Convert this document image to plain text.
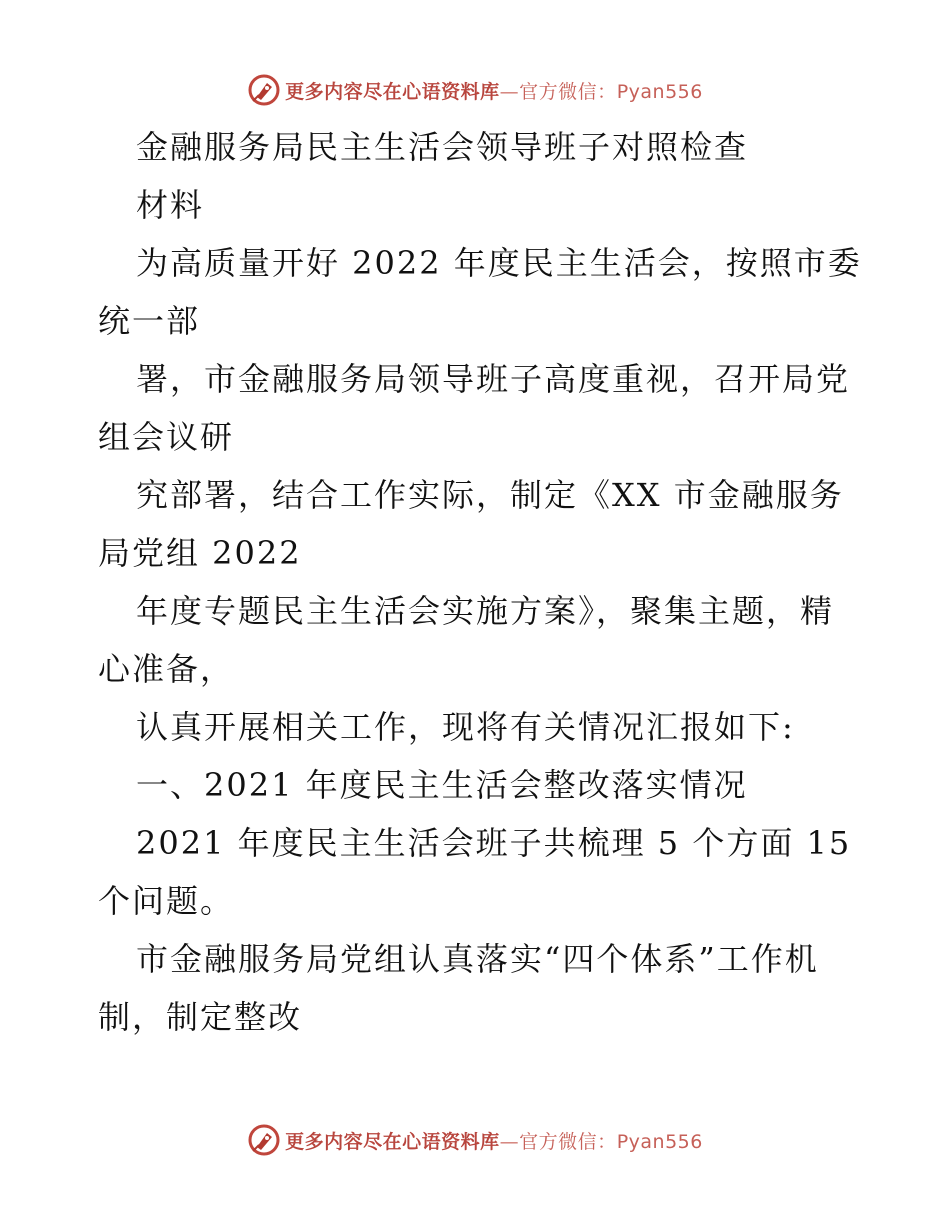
更多内容尽在心语资料库—官方微信：Pyan556
金融服务局民主生活会领导班子对照检查
材料
为高质量开好 2022 年度民主生活会，按照市委
统一部
署，市金融服务局领导班子高度重视，召开局党
组会议研
究部署，结合工作实际，制定《XX 市金融服务
局党组 2022
年度专题民主生活会实施方案》，聚集主题，精
心准备，
认真开展相关工作，现将有关情况汇报如下:
一、2021 年度民主生活会整改落实情况
2021 年度民主生活会班子共梳理 5 个方面 15
个问题。
市金融服务局党组认真落实“四个体系”工作机
制，制定整改
更多内容尽在心语资料库—官方微信：Pyan556
